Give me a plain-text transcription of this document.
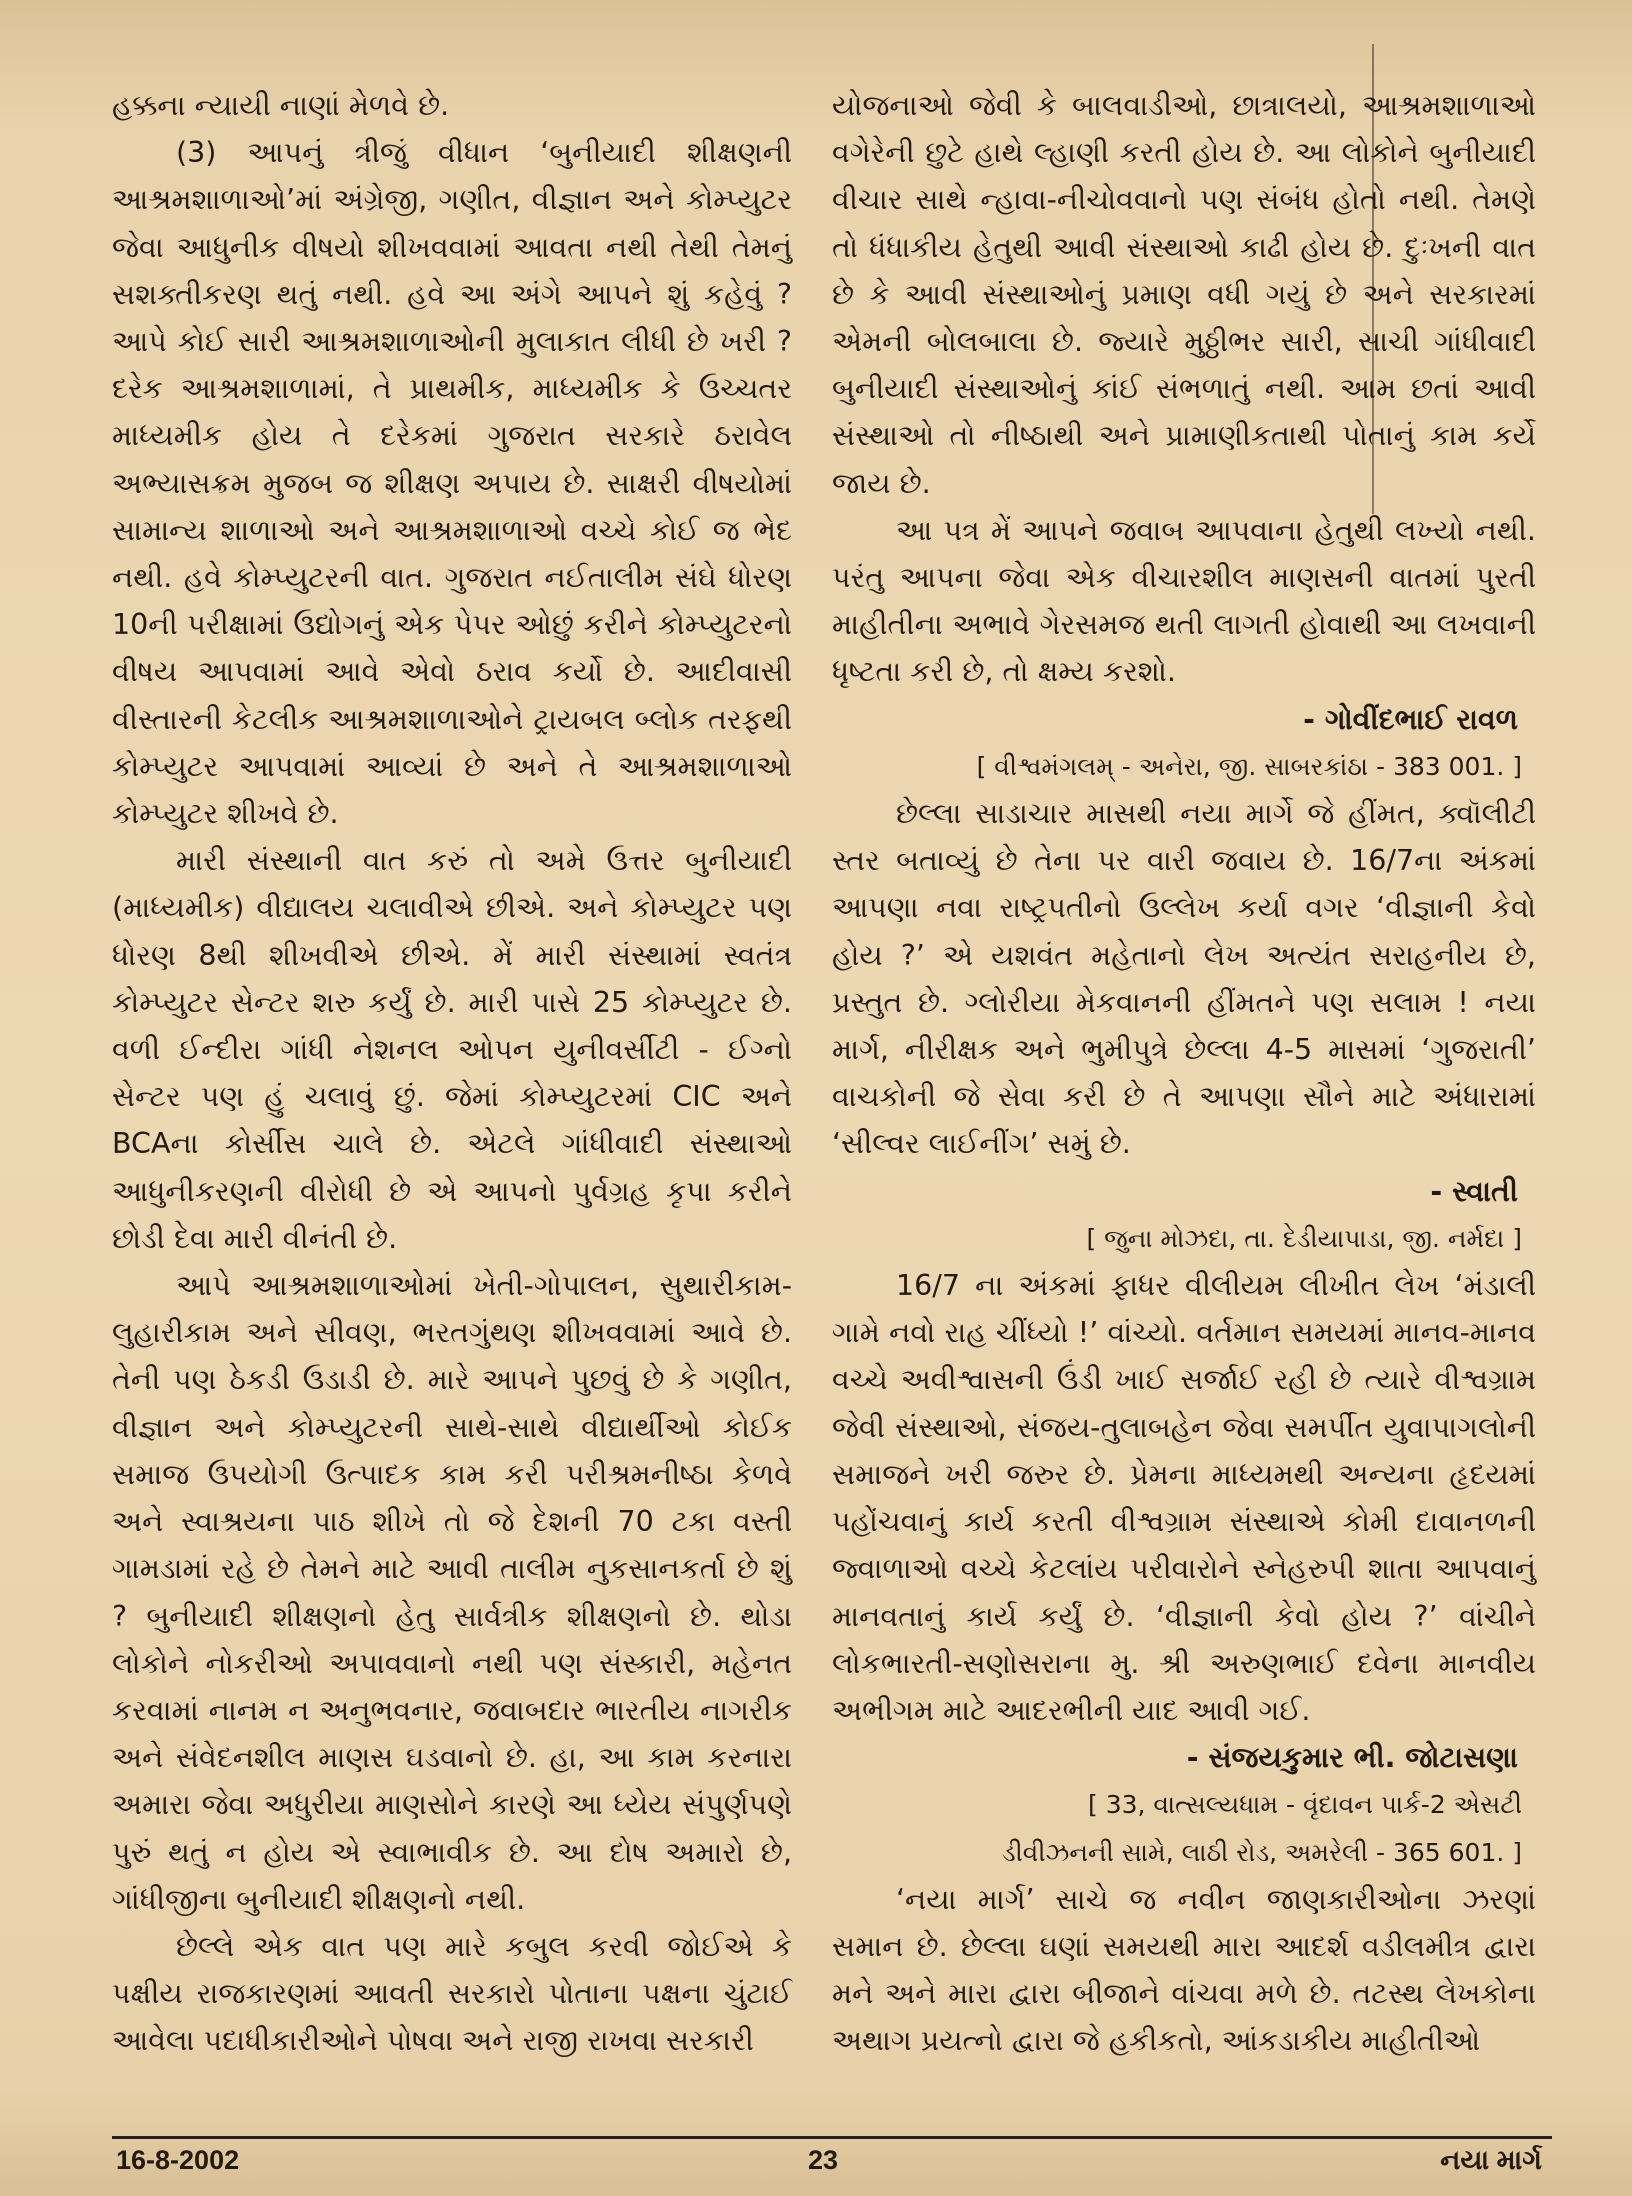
હક્કના ન્યાયી નાણાં મેળવે છે.

(3) આપનું ત્રીજું વીધાન ‘બુનીયાદી શીક્ષણની આશ્રમશાળાઓ’માં અંગ્રેજી, ગણીત, વીજ્ઞાન અને કોમ્પ્યુટર જેવા આધુનીક વીષયો શીખવવામાં આવતા નથી તેથી તેમનું સશક્તીકરણ થતું નથી. હવે આ અંગે આપને શું કહેવું ? આપે કોઈ સારી આશ્રમશાળાઓની મુલાકાત લીધી છે ખરી ? દરેક આશ્રમશાળામાં, તે પ્રાથમીક, માધ્યમીક કે ઉચ્ચતર માધ્યમીક હોય તે દરેકમાં ગુજરાત સરકારે ઠરાવેલ અભ્યાસક્રમ મુજબ જ શીક્ષણ અપાય છે. સાક્ષરી વીષયોમાં સામાન્ય શાળાઓ અને આશ્રમશાળાઓ વચ્ચે કોઈ જ ભેદ નથી. હવે કોમ્પ્યુટરની વાત. ગુજરાત નઈતાલીમ સંઘે ધોરણ 10ની પરીક્ષામાં ઉદ્યોગનું એક પેપર ઓછું કરીને કોમ્પ્યુટરનો વીષય આપવામાં આવે એવો ઠરાવ કર્યો છે. આદીવાસી વીસ્તારની કેટલીક આશ્રમશાળાઓને ટ્રાયબલ બ્લોક તરફથી કોમ્પ્યુટર આપવામાં આવ્યાં છે અને તે આશ્રમશાળાઓ કોમ્પ્યુટર શીખવે છે.

મારી સંસ્થાની વાત કરું તો અમે ઉત્તર બુનીયાદી (માધ્યમીક) વીદ્યાલય ચલાવીએ છીએ. અને કોમ્પ્યુટર પણ ધોરણ 8થી શીખવીએ છીએ. મેં મારી સંસ્થામાં સ્વતંત્ર કોમ્પ્યુટર સેન્ટર શરુ કર્યું છે. મારી પાસે 25 કોમ્પ્યુટર છે. વળી ઈન્દીરા ગાંધી નેશનલ ઓપન યુનીવર્સીટી - ઈગ્નો સેન્ટર પણ હું ચલાવું છું. જેમાં કોમ્પ્યુટરમાં CIC અને BCAના કોર્સીસ ચાલે છે. એટલે ગાંધીવાદી સંસ્થાઓ આધુનીકરણની વીરોધી છે એ આપનો પુર્વગ્રહ કૃપા કરીને છોડી દેવા મારી વીનંતી છે.

આપે આશ્રમશાળાઓમાં ખેતી-ગોપાલન, સુથારીકામ-લુહારીકામ અને સીવણ, ભરતગુંથણ શીખવવામાં આવે છે. તેની પણ ઠેકડી ઉડાડી છે. મારે આપને પુછવું છે કે ગણીત, વીજ્ઞાન અને કોમ્પ્યુટરની સાથે-સાથે વીદ્યાર્થીઓ કોઈક સમાજ ઉપયોગી ઉત્પાદક કામ કરી પરીશ્રમનીષ્ઠા કેળવે અને સ્વાશ્રયના પાઠ શીખે તો જે દેશની 70 ટકા વસ્તી ગામડામાં રહે છે તેમને માટે આવી તાલીમ નુકસાનકર્તા છે શું ? બુનીયાદી શીક્ષણનો હેતુ સાર્વત્રીક શીક્ષણનો છે. થોડા લોકોને નોકરીઓ અપાવવાનો નથી પણ સંસ્કારી, મહેનત કરવામાં નાનમ ન અનુભવનાર, જવાબદાર ભારતીય નાગરીક અને સંવેદનશીલ માણસ ઘડવાનો છે. હા, આ કામ કરનારા અમારા જેવા અધુરીયા માણસોને કારણે આ ધ્યેય સંપુર્ણપણે પુરું થતું ન હોય એ સ્વાભાવીક છે. આ દોષ અમારો છે, ગાંધીજીના બુનીયાદી શીક્ષણનો નથી.

છેલ્લે એક વાત પણ મારે કબુલ કરવી જોઈએ કે પક્ષીય રાજકારણમાં આવતી સરકારો પોતાના પક્ષના ચુંટાઈ આવેલા પદાધીકારીઓને પોષવા અને રાજી રાખવા સરકારી

યોજનાઓ જેવી કે બાલવાડીઓ, છાત્રાલયો, આશ્રમશાળાઓ વગેરેની છુટે હાથે લ્હાણી કરતી હોય છે. આ લોકોને બુનીયાદી વીચાર સાથે ન્હાવા-નીચોવવાનો પણ સંબંધ હોતો નથી. તેમણે તો ધંધાકીય હેતુથી આવી સંસ્થાઓ કાઢી હોય છે. દુઃખની વાત છે કે આવી સંસ્થાઓનું પ્રમાણ વધી ગયું છે અને સરકારમાં એમની બોલબાલા છે. જ્યારે મુઠ્ઠીભર સારી, સાચી ગાંધીવાદી બુનીયાદી સંસ્થાઓનું કાંઈ સંભળાતું નથી. આમ છતાં આવી સંસ્થાઓ તો નીષ્ઠાથી અને પ્રામાણીકતાથી પોતાનું કામ કર્યે જાય છે.

આ પત્ર મેં આપને જવાબ આપવાના હેતુથી લખ્યો નથી. પરંતુ આપના જેવા એક વીચારશીલ માણસની વાતમાં પુરતી માહીતીના અભાવે ગેરસમજ થતી લાગતી હોવાથી આ લખવાની ધૃષ્ટતા કરી છે, તો ક્ષમ્ય કરશો.

- ગોવીંદભાઈ રાવળ

[ વીશ્વમંગલમ્ - અનેરા, જી. સાબરકાંઠા - 383 001. ]

છેલ્લા સાડાચાર માસથી નયા માર્ગે જે હીંમત, ક્વૉલીટી સ્તર બતાવ્યું છે તેના પર વારી જવાય છે. 16/7ના અંકમાં આપણા નવા રાષ્ટ્રપતીનો ઉલ્લેખ કર્યા વગર ‘વીજ્ઞાની કેવો હોય ?’ એ યશવંત મહેતાનો લેખ અત્યંત સરાહનીય છે, પ્રસ્તુત છે. ગ્લોરીયા મેકવાનની હીંમતને પણ સલામ ! નયા માર્ગ, નીરીક્ષક અને ભુમીપુત્રે છેલ્લા 4-5 માસમાં ‘ગુજરાતી’ વાચકોની જે સેવા કરી છે તે આપણા સૌને માટે અંધારામાં ‘સીલ્વર લાઈનીંગ’ સમું છે.

- સ્વાતી

[ જુના મોઝદા, તા. દેડીયાપાડા, જી. નર્મદા ]

16/7 ના અંકમાં ફાધર વીલીયમ લીખીત લેખ ‘મંડાલી ગામે નવો રાહ ચીંધ્યો !’ વાંચ્યો. વર્તમાન સમયમાં માનવ-માનવ વચ્ચે અવીશ્વાસની ઉંડી ખાઈ સર્જાઈ રહી છે ત્યારે વીશ્વગ્રામ જેવી સંસ્થાઓ, સંજય-તુલાબહેન જેવા સમર્પીત યુવાપાગલોની સમાજને ખરી જરુર છે. પ્રેમના માધ્યમથી અન્યના હૃદયમાં પહોંચવાનું કાર્ય કરતી વીશ્વગ્રામ સંસ્થાએ કોમી દાવાનળની જ્વાળાઓ વચ્ચે કેટલાંય પરીવારોને સ્નેહરુપી શાતા આપવાનું માનવતાનું કાર્ય કર્યું છે. ‘વીજ્ઞાની કેવો હોય ?’ વાંચીને લોકભારતી-સણોસરાના મુ. શ્રી અરુણભાઈ દવેના માનવીય અભીગમ માટે આદરભીની યાદ આવી ગઈ.

- સંજયકુમાર ભી. જોટાસણા

[ 33, વાત્સલ્યધામ - વૃંદાવન પાર્ક-2 એસટી

ડીવીઝનની સામે, લાઠી રોડ, અમરેલી - 365 601. ]

‘નયા માર્ગ’ સાચે જ નવીન જાણકારીઓના ઝરણાં સમાન છે. છેલ્લા ઘણાં સમયથી મારા આદર્શ વડીલમીત્ર દ્વારા મને અને મારા દ્વારા બીજાને વાંચવા મળે છે. તટસ્થ લેખકોના અથાગ પ્રયત્નો દ્વારા જે હકીકતો, આંકડાકીય માહીતીઓ

16-8-2002	23	નયા માર્ગ
